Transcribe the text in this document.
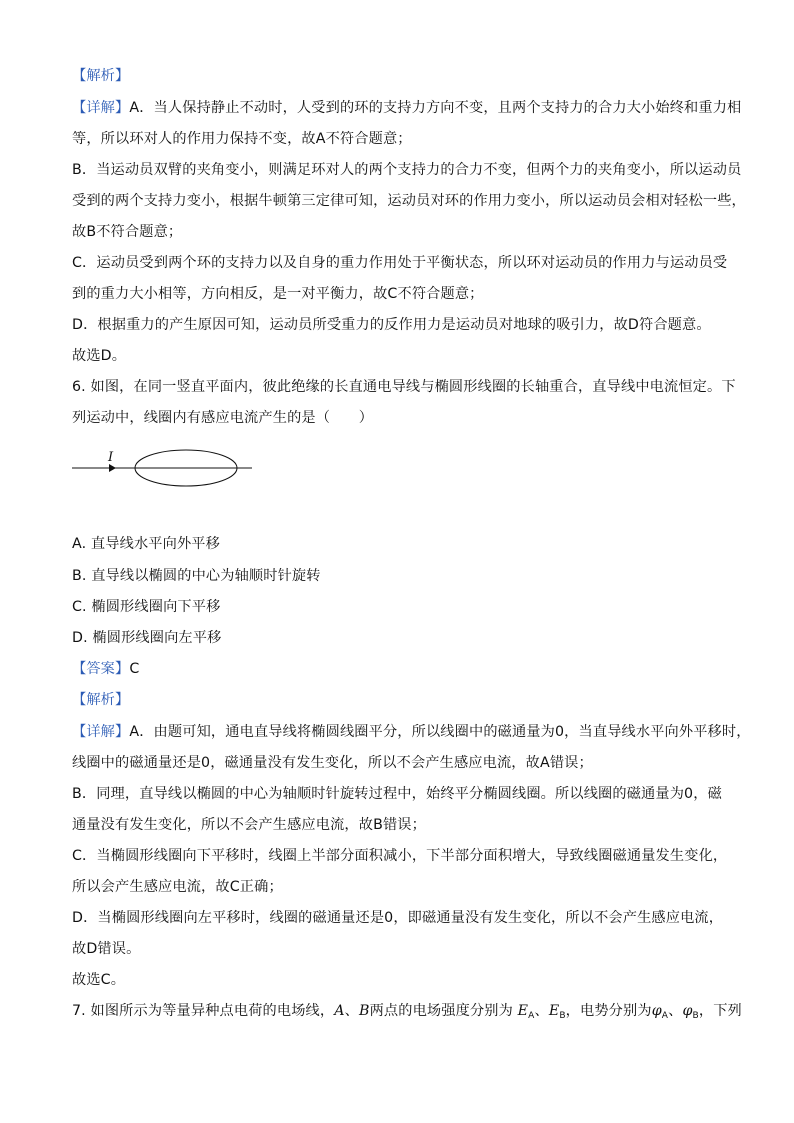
【解析】
【详解】A．当人保持静止不动时，人受到的环的支持力方向不变，且两个支持力的合力大小始终和重力相
等，所以环对人的作用力保持不变，故A不符合题意；
B．当运动员双臂的夹角变小，则满足环对人的两个支持力的合力不变，但两个力的夹角变小，所以运动员
受到的两个支持力变小，根据牛顿第三定律可知，运动员对环的作用力变小，所以运动员会相对轻松一些，
故B不符合题意；
C．运动员受到两个环的支持力以及自身的重力作用处于平衡状态，所以环对运动员的作用力与运动员受
到的重力大小相等，方向相反，是一对平衡力，故C不符合题意；
D．根据重力的产生原因可知，运动员所受重力的反作用力是运动员对地球的吸引力，故D符合题意。
故选D。
6. 如图，在同一竖直平面内，彼此绝缘的长直通电导线与椭圆形线圈的长轴重合，直导线中电流恒定。下
列运动中，线圈内有感应电流产生的是（　　）
I
A. 直导线水平向外平移
B. 直导线以椭圆的中心为轴顺时针旋转
C. 椭圆形线圈向下平移
D. 椭圆形线圈向左平移
【答案】C
【解析】
【详解】A．由题可知，通电直导线将椭圆线圈平分，所以线圈中的磁通量为0，当直导线水平向外平移时，
线圈中的磁通量还是0，磁通量没有发生变化，所以不会产生感应电流，故A错误；
B．同理，直导线以椭圆的中心为轴顺时针旋转过程中，始终平分椭圆线圈。所以线圈的磁通量为0，磁
通量没有发生变化，所以不会产生感应电流，故B错误；
C．当椭圆形线圈向下平移时，线圈上半部分面积减小，下半部分面积增大，导致线圈磁通量发生变化，
所以会产生感应电流，故C正确；
D．当椭圆形线圈向左平移时，线圈的磁通量还是0，即磁通量没有发生变化，所以不会产生感应电流，
故D错误。
故选C。
7. 如图所示为等量异种点电荷的电场线，A、B两点的电场强度分别为 $E_A$、$E_B$，电势分别为$\varphi_A$、$\varphi_B$，下列
